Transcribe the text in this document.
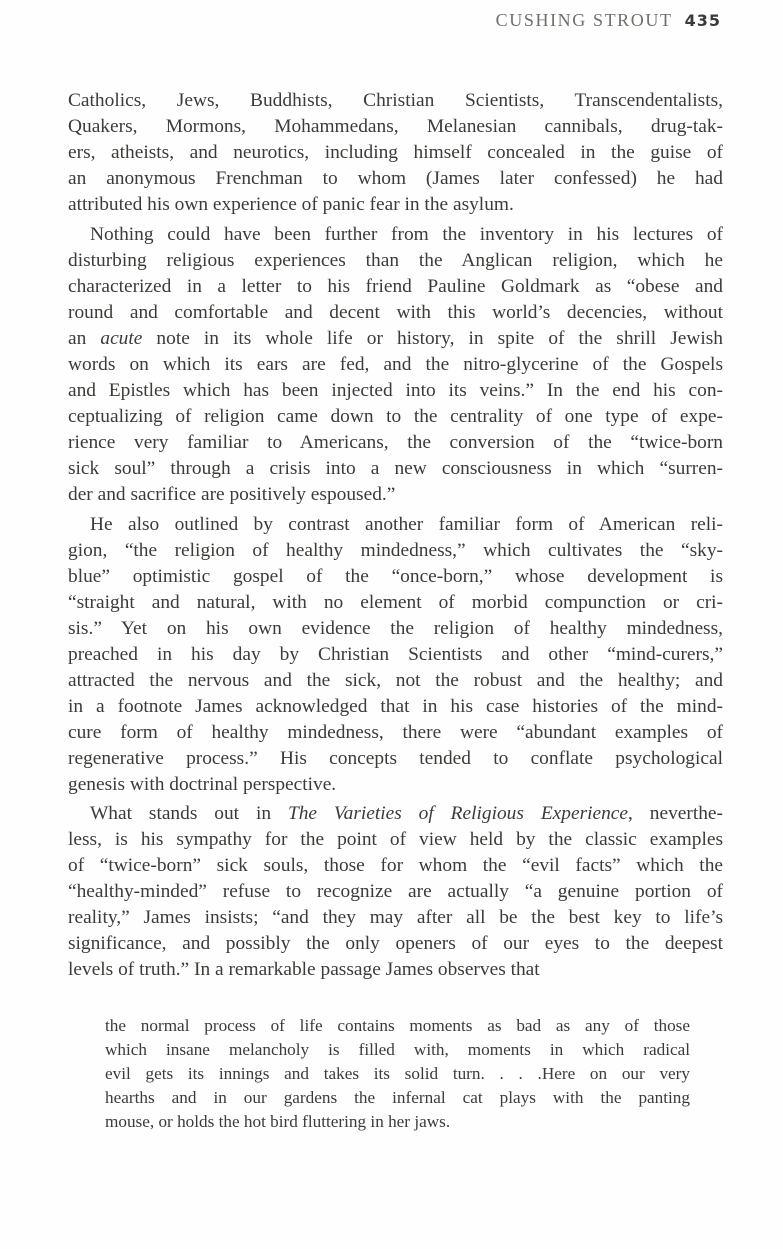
CUSHING STROUT 435
Catholics, Jews, Buddhists, Christian Scientists, Transcendentalists,
Quakers, Mormons, Mohammedans, Melanesian cannibals, drug-tak-
ers, atheists, and neurotics, including himself concealed in the guise of
an anonymous Frenchman to whom (James later confessed) he had
attributed his own experience of panic fear in the asylum.
Nothing could have been further from the inventory in his lectures of
disturbing religious experiences than the Anglican religion, which he
characterized in a letter to his friend Pauline Goldmark as “obese and
round and comfortable and decent with this world’s decencies, without
an acute note in its whole life or history, in spite of the shrill Jewish
words on which its ears are fed, and the nitro-glycerine of the Gospels
and Epistles which has been injected into its veins.” In the end his con-
ceptualizing of religion came down to the centrality of one type of expe-
rience very familiar to Americans, the conversion of the “twice-born
sick soul” through a crisis into a new consciousness in which “surren-
der and sacrifice are positively espoused.”
He also outlined by contrast another familiar form of American reli-
gion, “the religion of healthy mindedness,” which cultivates the “sky-
blue” optimistic gospel of the “once-born,” whose development is
“straight and natural, with no element of morbid compunction or cri-
sis.” Yet on his own evidence the religion of healthy mindedness,
preached in his day by Christian Scientists and other “mind-curers,”
attracted the nervous and the sick, not the robust and the healthy; and
in a footnote James acknowledged that in his case histories of the mind-
cure form of healthy mindedness, there were “abundant examples of
regenerative process.” His concepts tended to conflate psychological
genesis with doctrinal perspective.
What stands out in The Varieties of Religious Experience, neverthe-
less, is his sympathy for the point of view held by the classic examples
of “twice-born” sick souls, those for whom the “evil facts” which the
“healthy-minded” refuse to recognize are actually “a genuine portion of
reality,” James insists; “and they may after all be the best key to life’s
significance, and possibly the only openers of our eyes to the deepest
levels of truth.” In a remarkable passage James observes that
the normal process of life contains moments as bad as any of those
which insane melancholy is filled with, moments in which radical
evil gets its innings and takes its solid turn. . . .Here on our very
hearths and in our gardens the infernal cat plays with the panting
mouse, or holds the hot bird fluttering in her jaws.
